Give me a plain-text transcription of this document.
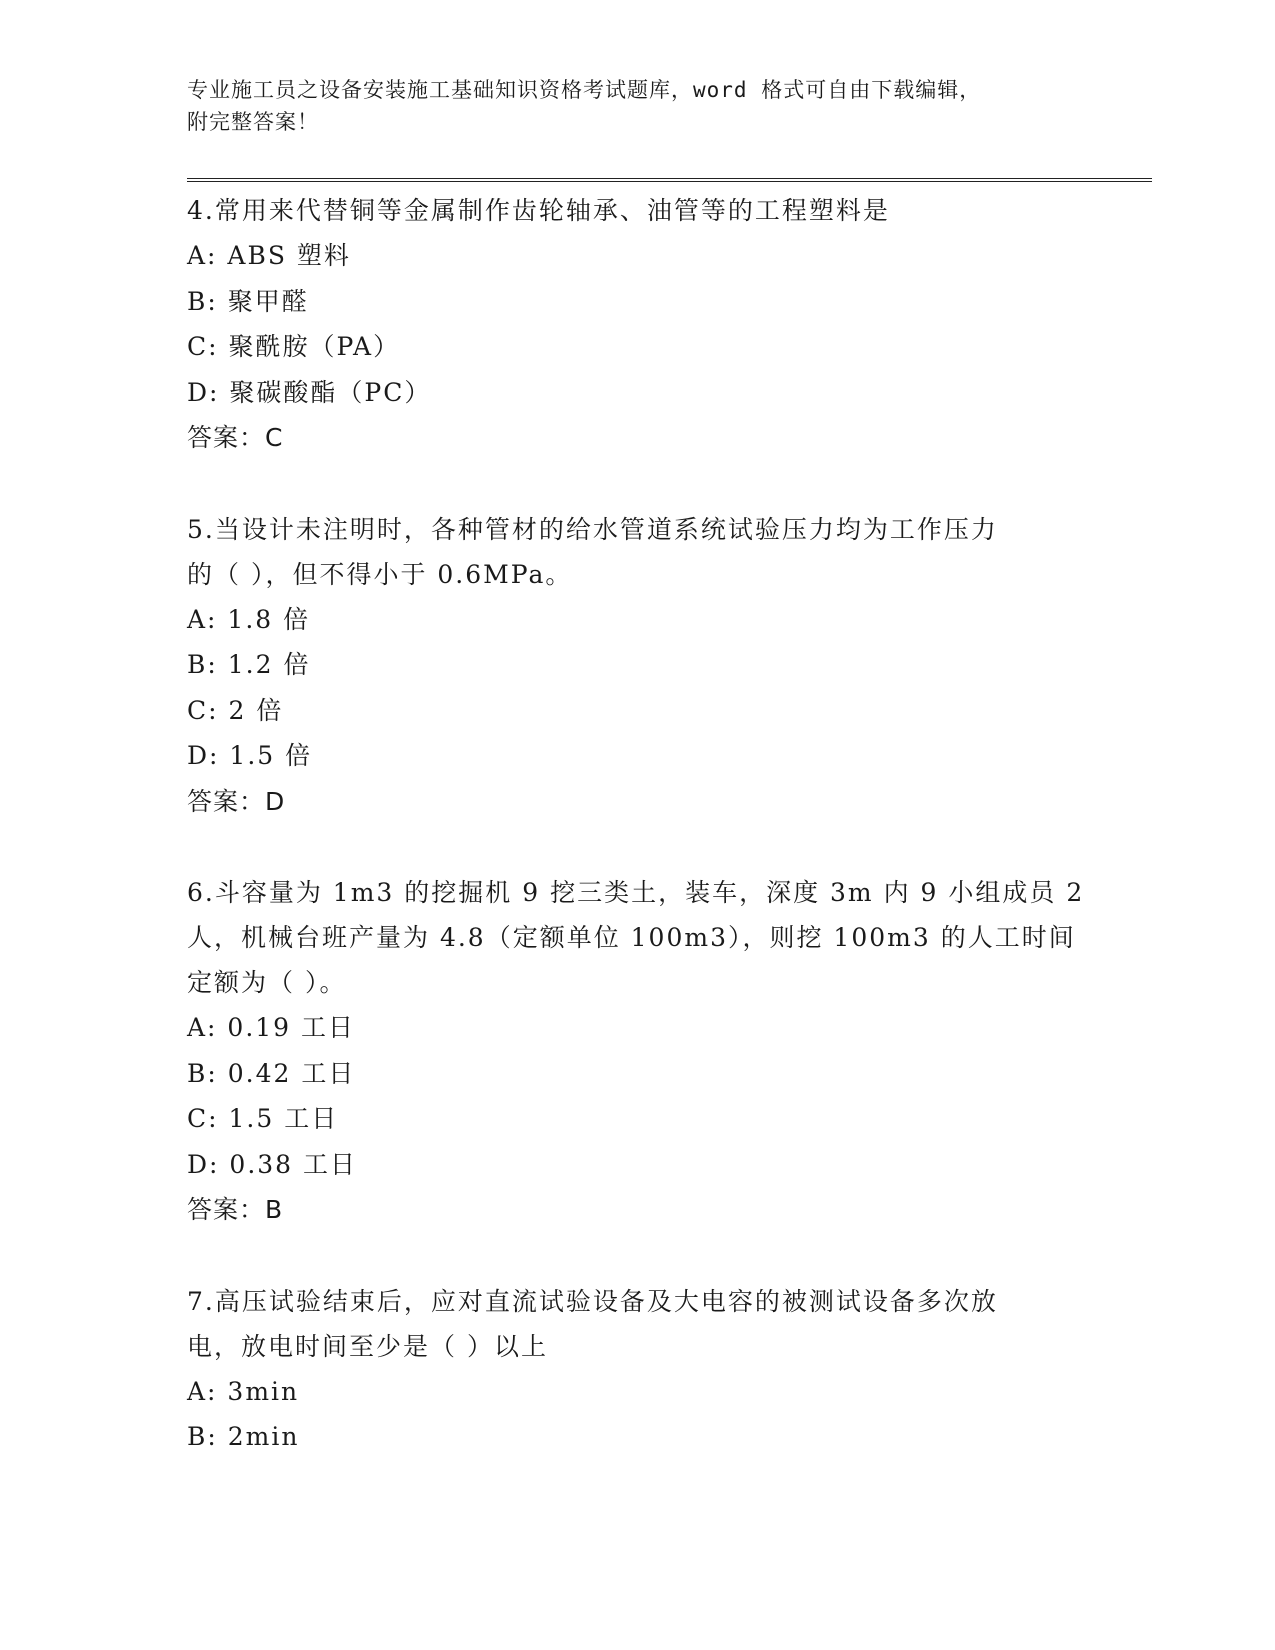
专业施工员之设备安装施工基础知识资格考试题库，word 格式可自由下载编辑，
附完整答案！
4.常用来代替铜等金属制作齿轮轴承、油管等的工程塑料是
A: ABS 塑料
B: 聚甲醛
C: 聚酰胺（PA）
D: 聚碳酸酯（PC）
答案：C
5.当设计未注明时，各种管材的给水管道系统试验压力均为工作压力
的（ ），但不得小于 0.6MPa。
A: 1.8 倍
B: 1.2 倍
C: 2 倍
D: 1.5 倍
答案：D
6.斗容量为 1m3 的挖掘机 9 挖三类土，装车，深度 3m 内 9 小组成员 2
人，机械台班产量为 4.8（定额单位 100m3），则挖 100m3 的人工时间
定额为（ ）。
A: 0.19 工日
B: 0.42 工日
C: 1.5 工日
D: 0.38 工日
答案：B
7.高压试验结束后，应对直流试验设备及大电容的被测试设备多次放
电，放电时间至少是（ ）以上
A: 3min
B: 2min
